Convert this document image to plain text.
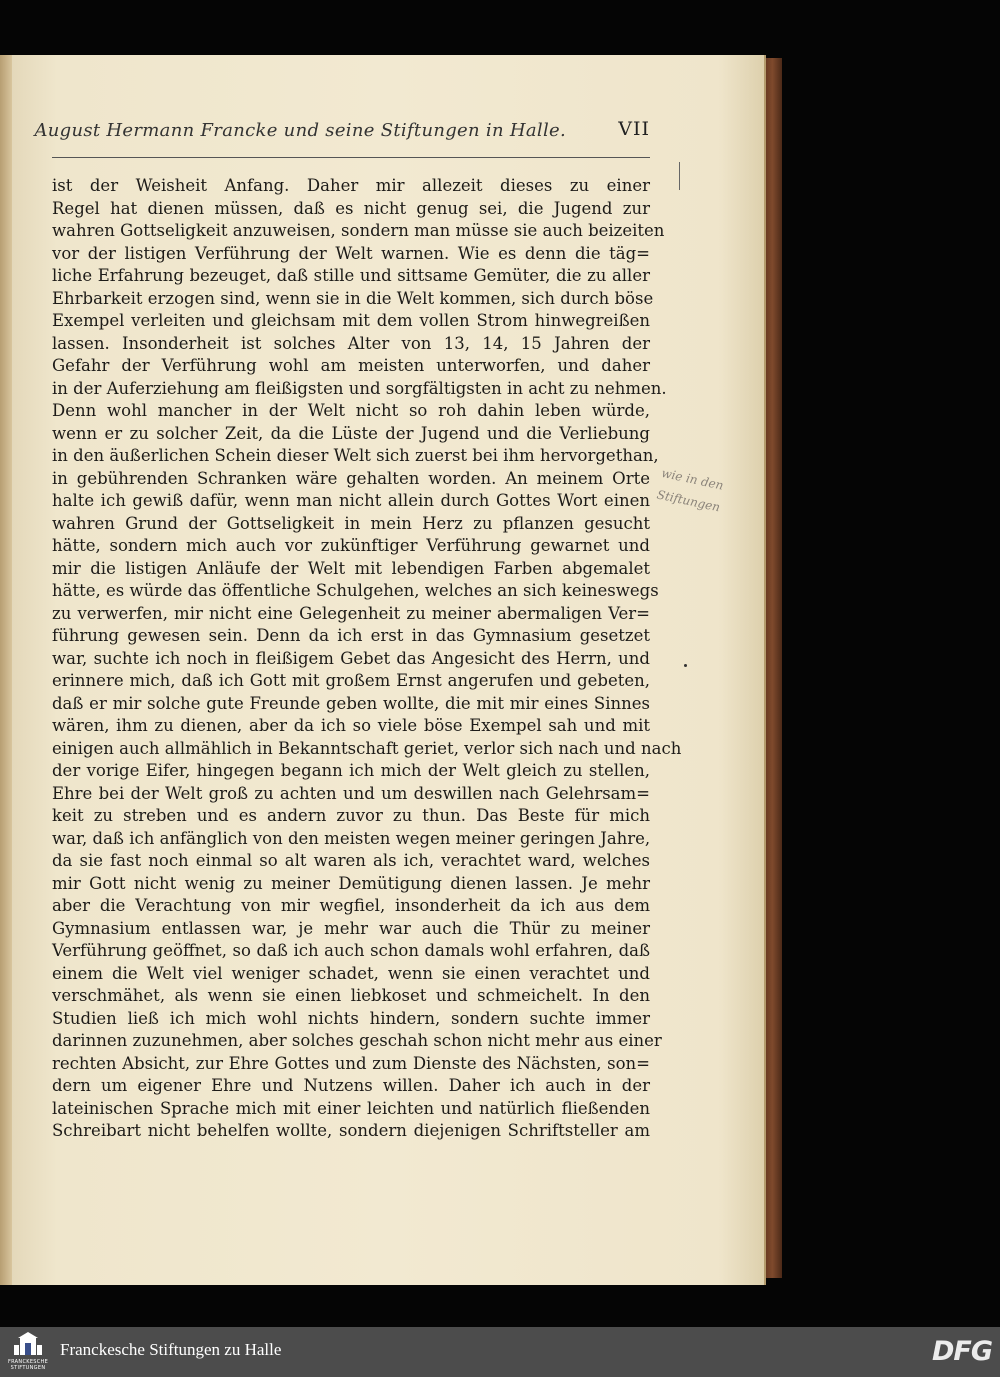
August Hermann Francke und seine Stiftungen in Halle.	VII
ist der Weisheit Anfang. Daher mir allezeit dieses zu einer
Regel hat dienen müssen, daß es nicht genug sei, die Jugend zur
wahren Gottseligkeit anzuweisen, sondern man müsse sie auch beizeiten
vor der listigen Verführung der Welt warnen. Wie es denn die täg=
liche Erfahrung bezeuget, daß stille und sittsame Gemüter, die zu aller
Ehrbarkeit erzogen sind, wenn sie in die Welt kommen, sich durch böse
Exempel verleiten und gleichsam mit dem vollen Strom hinwegreißen
lassen. Insonderheit ist solches Alter von 13, 14, 15 Jahren der
Gefahr der Verführung wohl am meisten unterworfen, und daher
in der Auferziehung am fleißigsten und sorgfältigsten in acht zu nehmen.
Denn wohl mancher in der Welt nicht so roh dahin leben würde,
wenn er zu solcher Zeit, da die Lüste der Jugend und die Verliebung
in den äußerlichen Schein dieser Welt sich zuerst bei ihm hervorgethan,
in gebührenden Schranken wäre gehalten worden. An meinem Orte
halte ich gewiß dafür, wenn man nicht allein durch Gottes Wort einen
wahren Grund der Gottseligkeit in mein Herz zu pflanzen gesucht
hätte, sondern mich auch vor zukünftiger Verführung gewarnet und
mir die listigen Anläufe der Welt mit lebendigen Farben abgemalet
hätte, es würde das öffentliche Schulgehen, welches an sich keineswegs
zu verwerfen, mir nicht eine Gelegenheit zu meiner abermaligen Ver=
führung gewesen sein. Denn da ich erst in das Gymnasium gesetzet
war, suchte ich noch in fleißigem Gebet das Angesicht des Herrn, und
erinnere mich, daß ich Gott mit großem Ernst angerufen und gebeten,
daß er mir solche gute Freunde geben wollte, die mit mir eines Sinnes
wären, ihm zu dienen, aber da ich so viele böse Exempel sah und mit
einigen auch allmählich in Bekanntschaft geriet, verlor sich nach und nach
der vorige Eifer, hingegen begann ich mich der Welt gleich zu stellen,
Ehre bei der Welt groß zu achten und um deswillen nach Gelehrsam=
keit zu streben und es andern zuvor zu thun. Das Beste für mich
war, daß ich anfänglich von den meisten wegen meiner geringen Jahre,
da sie fast noch einmal so alt waren als ich, verachtet ward, welches
mir Gott nicht wenig zu meiner Demütigung dienen lassen. Je mehr
aber die Verachtung von mir wegfiel, insonderheit da ich aus dem
Gymnasium entlassen war, je mehr war auch die Thür zu meiner
Verführung geöffnet, so daß ich auch schon damals wohl erfahren, daß
einem die Welt viel weniger schadet, wenn sie einen verachtet und
verschmähet, als wenn sie einen liebkoset und schmeichelt. In den
Studien ließ ich mich wohl nichts hindern, sondern suchte immer
darinnen zuzunehmen, aber solches geschah schon nicht mehr aus einer
rechten Absicht, zur Ehre Gottes und zum Dienste des Nächsten, son=
dern um eigener Ehre und Nutzens willen. Daher ich auch in der
lateinischen Sprache mich mit einer leichten und natürlich fließenden
Schreibart nicht behelfen wollte, sondern diejenigen Schriftsteller am
wie in den
Stiftungen
FRANCKESCHE STIFTUNGEN
Franckesche Stiftungen zu Halle	DFG
